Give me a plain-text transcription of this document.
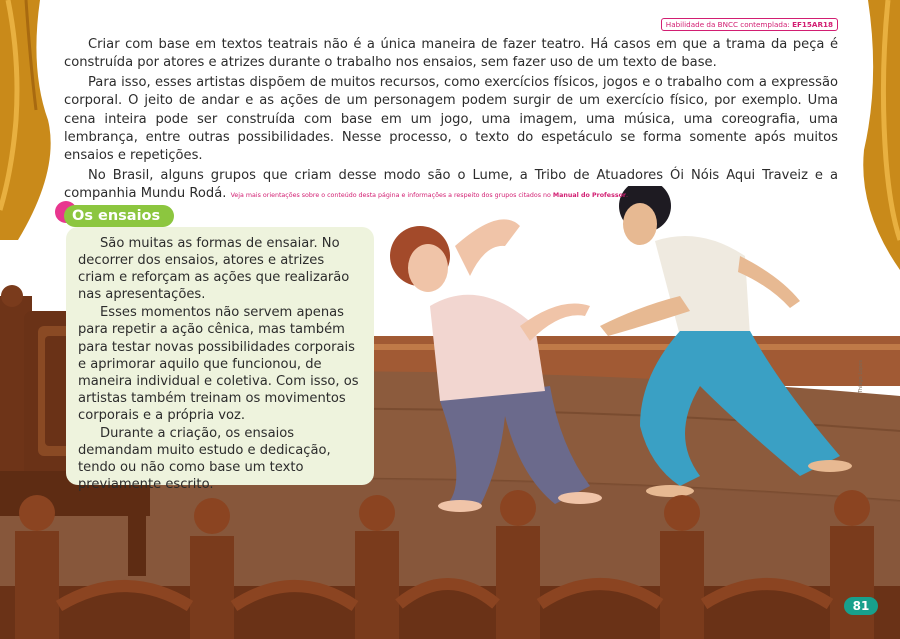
Habilidade da BNCC contemplada: EF15AR18

Criar com base em textos teatrais não é a única maneira de fazer teatro. Há casos em que a trama da peça é construída por atores e atrizes durante o trabalho nos ensaios, sem fazer uso de um texto de base.

Para isso, esses artistas dispõem de muitos recursos, como exercícios físicos, jogos e o trabalho com a expressão corporal. O jeito de andar e as ações de um personagem podem surgir de um exercício físico, por exemplo. Uma cena inteira pode ser construída com base em um jogo, uma imagem, uma música, uma coreografia, uma lembrança, entre outras possibilidades. Nesse processo, o texto do espetáculo se forma somente após muitos ensaios e repetições.

No Brasil, alguns grupos que criam desse modo são o Lume, a Tribo de Atuadores Ói Nóis Aqui Traveiz e a companhia Mundu Rodá. Veja mais orientações sobre o conteúdo desta página e informações a respeito dos grupos citados no Manual do Professor.

Os ensaios

São muitas as formas de ensaiar. No decorrer dos ensaios, atores e atrizes criam e reforçam as ações que realizarão nas apresentações.

Esses momentos não servem apenas para repetir a ação cênica, mas também para testar novas possibilidades corporais e aprimorar aquilo que funcionou, de maneira individual e coletiva. Com isso, os artistas também treinam os movimentos corporais e a própria voz.

Durante a criação, os ensaios demandam muito estudo e dedicação, tendo ou não como base um texto previamente escrito.

Thiago Lopes
81
